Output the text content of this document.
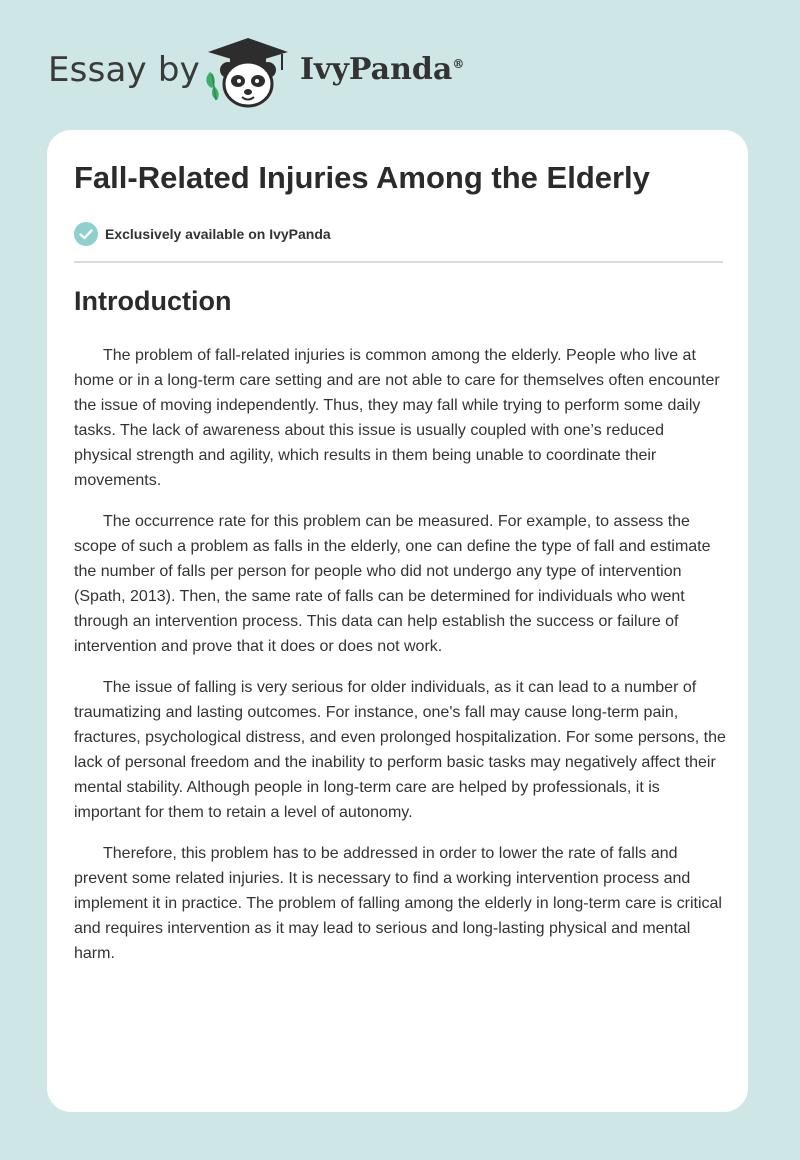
Essay by	IvyPanda®
Fall-Related Injuries Among the Elderly
Exclusively available on IvyPanda
Introduction

The problem of fall-related injuries is common among the elderly. People who live at home or in a long-term care setting and are not able to care for themselves often encounter the issue of moving independently. Thus, they may fall while trying to perform some daily tasks. The lack of awareness about this issue is usually coupled with one’s reduced physical strength and agility, which results in them being unable to coordinate their movements.

The occurrence rate for this problem can be measured. For example, to assess the scope of such a problem as falls in the elderly, one can define the type of fall and estimate the number of falls per person for people who did not undergo any type of intervention (Spath, 2013). Then, the same rate of falls can be determined for individuals who went through an intervention process. This data can help establish the success or failure of intervention and prove that it does or does not work.

The issue of falling is very serious for older individuals, as it can lead to a number of traumatizing and lasting outcomes. For instance, one's fall may cause long-term pain, fractures, psychological distress, and even prolonged hospitalization. For some persons, the lack of personal freedom and the inability to perform basic tasks may negatively affect their mental stability. Although people in long-term care are helped by professionals, it is important for them to retain a level of autonomy.

Therefore, this problem has to be addressed in order to lower the rate of falls and prevent some related injuries. It is necessary to find a working intervention process and implement it in practice. The problem of falling among the elderly in long-term care is critical and requires intervention as it may lead to serious and long-lasting physical and mental harm.
